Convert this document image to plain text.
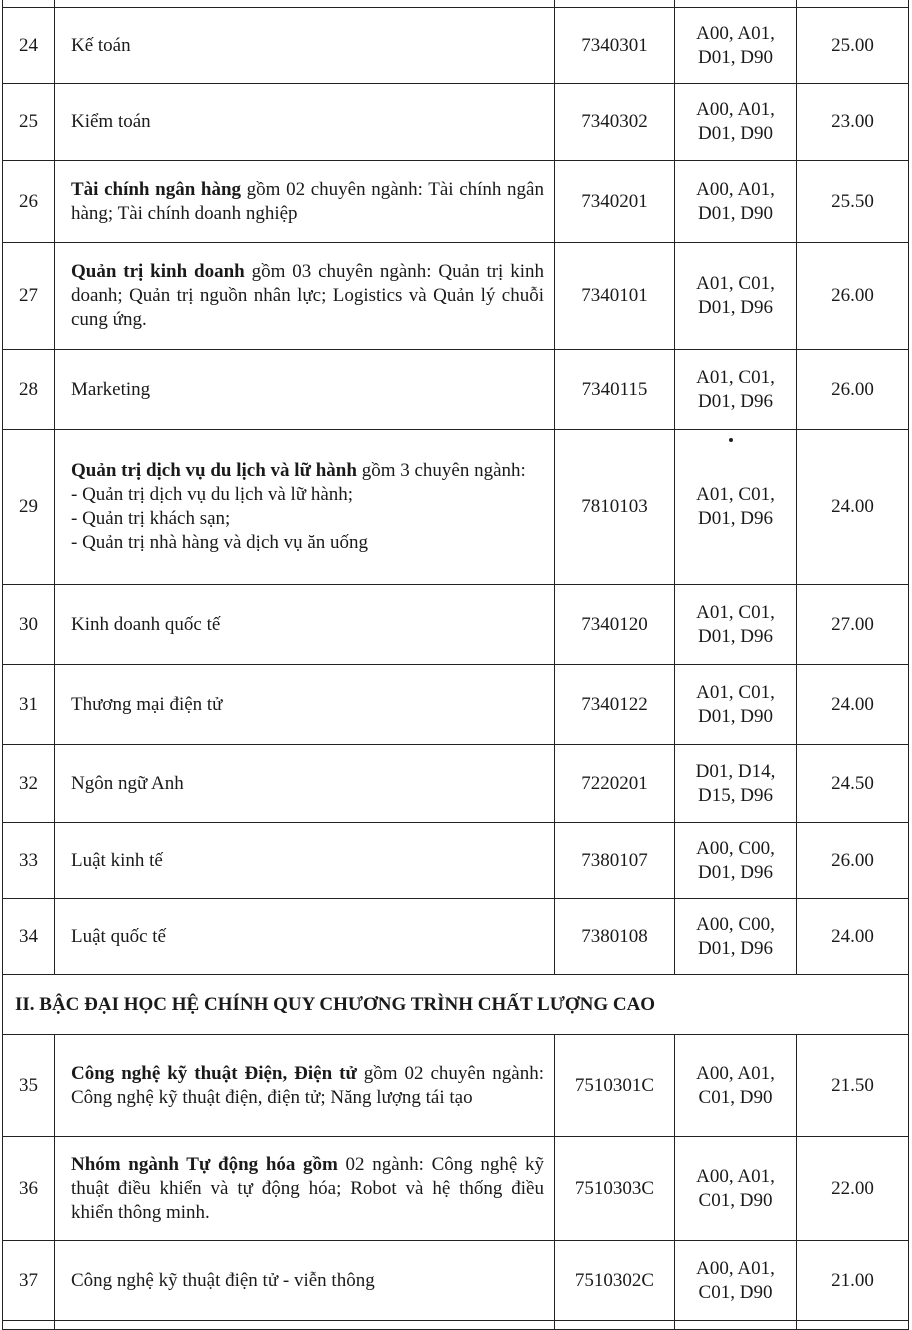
24	Kế toán	7340301	A00, A01,
D01, D90	25.00
25	Kiểm toán	7340302	A00, A01,
D01, D90	23.00
26	Tài chính ngân hàng gồm 02 chuyên ngành: Tài chính ngân hàng; Tài chính doanh nghiệp	7340201	A00, A01,
D01, D90	25.50
27	Quản trị kinh doanh gồm 03 chuyên ngành: Quản trị kinh doanh; Quản trị nguồn nhân lực; Logistics và Quản lý chuỗi cung ứng.	7340101	A01, C01,
D01, D96	26.00
28	Marketing	7340115	A01, C01,
D01, D96	26.00
29	Quản trị dịch vụ du lịch và lữ hành gồm 3 chuyên ngành:
- Quản trị dịch vụ du lịch và lữ hành;
- Quản trị khách sạn;
- Quản trị nhà hàng và dịch vụ ăn uống	7810103	A01, C01,
D01, D96	24.00
30	Kinh doanh quốc tế	7340120	A01, C01,
D01, D96	27.00
31	Thương mại điện tử	7340122	A01, C01,
D01, D90	24.00
32	Ngôn ngữ Anh	7220201	D01, D14,
D15, D96	24.50
33	Luật kinh tế	7380107	A00, C00,
D01, D96	26.00
34	Luật quốc tế	7380108	A00, C00,
D01, D96	24.00
II. BẬC ĐẠI HỌC HỆ CHÍNH QUY CHƯƠNG TRÌNH CHẤT LƯỢNG CAO				
35	Công nghệ kỹ thuật Điện, Điện tử gồm 02 chuyên ngành: Công nghệ kỹ thuật điện, điện tử; Năng lượng tái tạo	7510301C	A00, A01,
C01, D90	21.50
36	Nhóm ngành Tự động hóa gồm 02 ngành: Công nghệ kỹ thuật điều khiển và tự động hóa; Robot và hệ thống điều khiển thông minh.	7510303C	A00, A01,
C01, D90	22.00
37	Công nghệ kỹ thuật điện tử - viễn thông	7510302C	A00, A01,
C01, D90	21.00
